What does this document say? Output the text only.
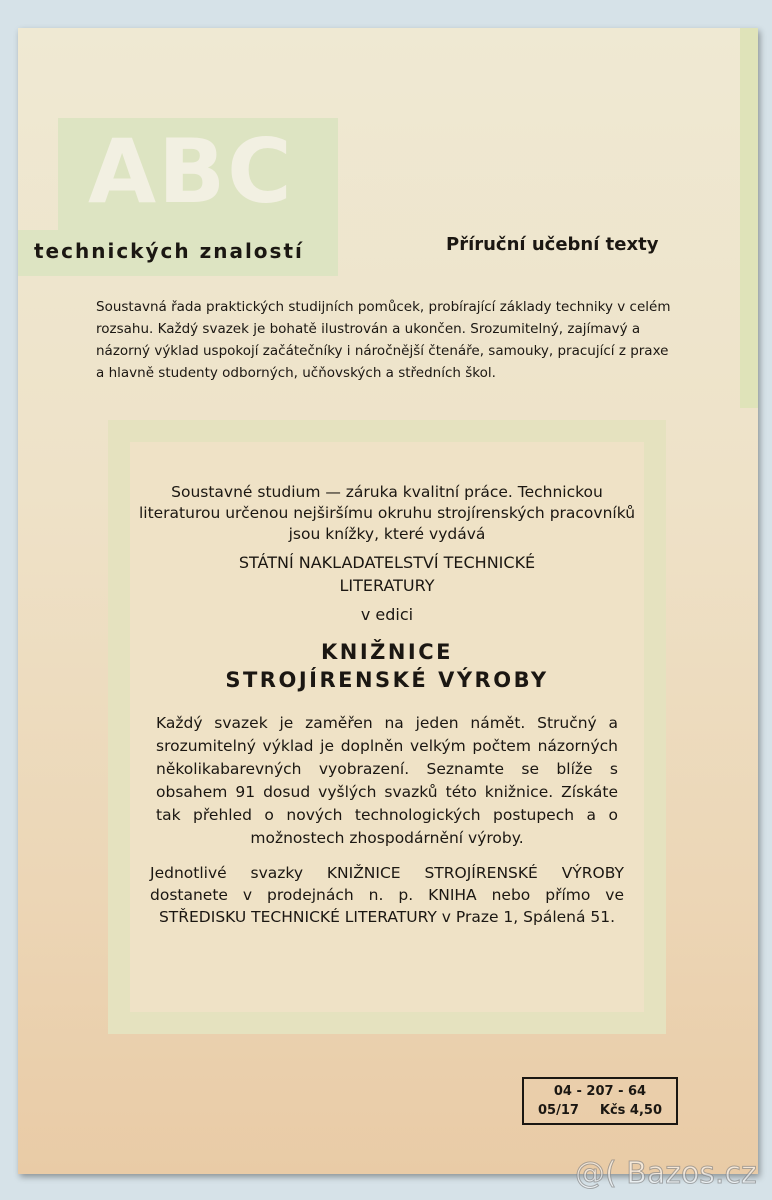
ABC
technických znalostí	Příruční učební texty
Soustavná řada praktických studijních pomůcek, probírající základy techniky v celém rozsahu. Každý svazek je bohatě ilustrován a ukončen. Srozumitelný, zajímavý a názorný výklad uspokojí začátečníky i náročnější čtenáře, samouky, pracující z praxe a hlavně studenty odborných, učňovských a středních škol.
Soustavné studium — záruka kvalitní práce. Technickou literaturou určenou nejširšímu okruhu strojírenských pracovníků jsou knížky, které vydává
STÁTNÍ NAKLADATELSTVÍ TECHNICKÉ
LITERATURY
v edici
KNIŽNICE
STROJÍRENSKÉ VÝROBY
Každý svazek je zaměřen na jeden námět. Stručný a srozumitelný výklad je doplněn velkým počtem názorných několikabarevných vyobrazení. Seznamte se blíže s obsahem 91 dosud vyšlých svazků této knižnice. Získáte tak přehled o nových technologických postupech a o možnostech zhospodárnění výroby.
Jednotlivé svazky KNIŽNICE STROJÍRENSKÉ VÝROBY dostanete v prodejnách n. p. KNIHA nebo přímo ve STŘEDISKU TECHNICKÉ LITERATURY v Praze 1, Spálená 51.
04 - 207 - 64
05/17 Kčs 4,50
@( Bazos.cz
